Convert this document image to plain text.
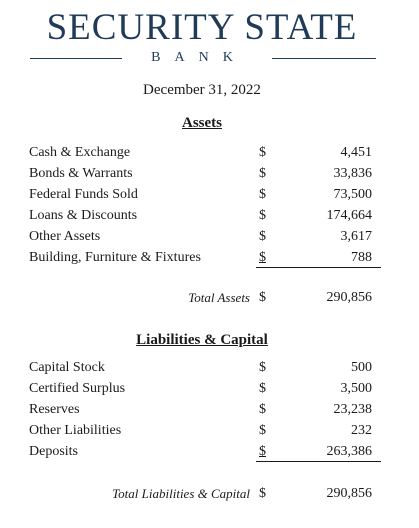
SECURITY STATE
BANK
December 31, 2022
Assets
Cash & Exchange	$	4,451
Bonds & Warrants	$	33,836
Federal Funds Sold	$	73,500
Loans & Discounts	$	174,664
Other Assets	$	3,617
Building, Furniture & Fixtures	$	788
Total Assets $	290,856
Liabilities & Capital
Capital Stock	$	500
Certified Surplus	$	3,500
Reserves	$	23,238
Other Liabilities	$	232
Deposits	$	263,386
Total Liabilities & Capital $	290,856
